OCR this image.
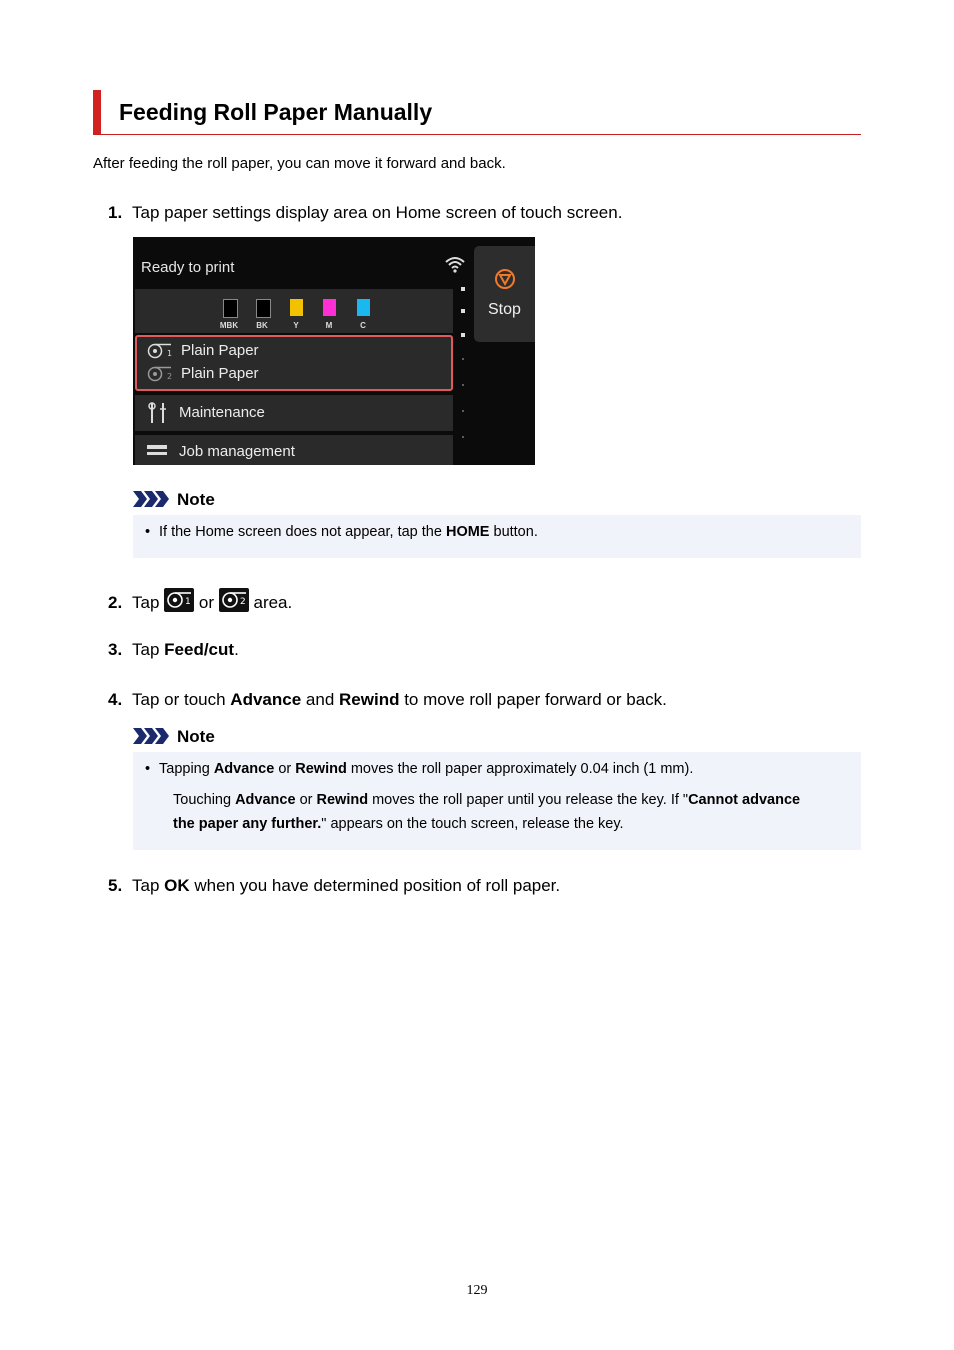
Feeding Roll Paper Manually
After feeding the roll paper, you can move it forward and back.
1. Tap paper settings display area on Home screen of touch screen.
Ready to print
Stop
MBK	BK	Y	M	C
1 Plain Paper
2 Plain Paper
Maintenance
Job management
Note
• If the Home screen does not appear, tap the HOME button.
2. Tap	1 or	2 area.
3. Tap Feed/cut.
4. Tap or touch Advance and Rewind to move roll paper forward or back.
Note
• Tapping Advance or Rewind moves the roll paper approximately 0.04 inch (1 mm).
Touching Advance or Rewind moves the roll paper until you release the key. If "Cannot advance
the paper any further." appears on the touch screen, release the key.
5. Tap OK when you have determined position of roll paper.
129
